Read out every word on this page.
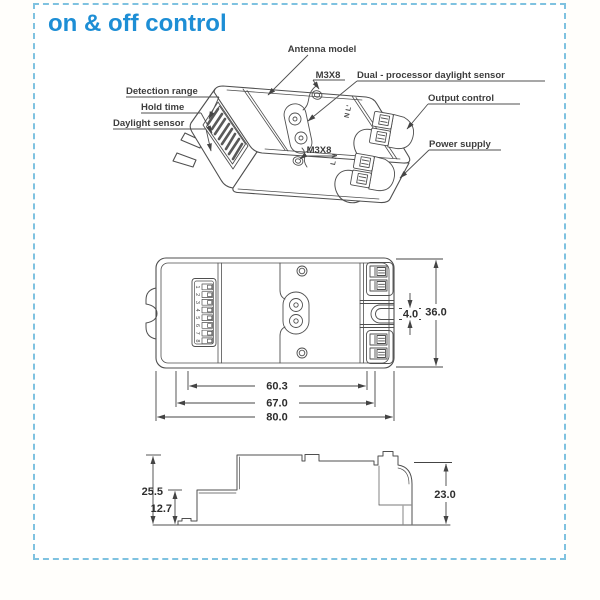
on & off control
Antenna model
M3X8 Dual - processor daylight sensor
Output control
Power supply
Detection range
Hold time
Daylight sensor
M3X8
N L'
L N
1
2
3
4
5
6
7
8
4.0 36.0
60.3
67.0
80.0
25.5
12.7
23.0
